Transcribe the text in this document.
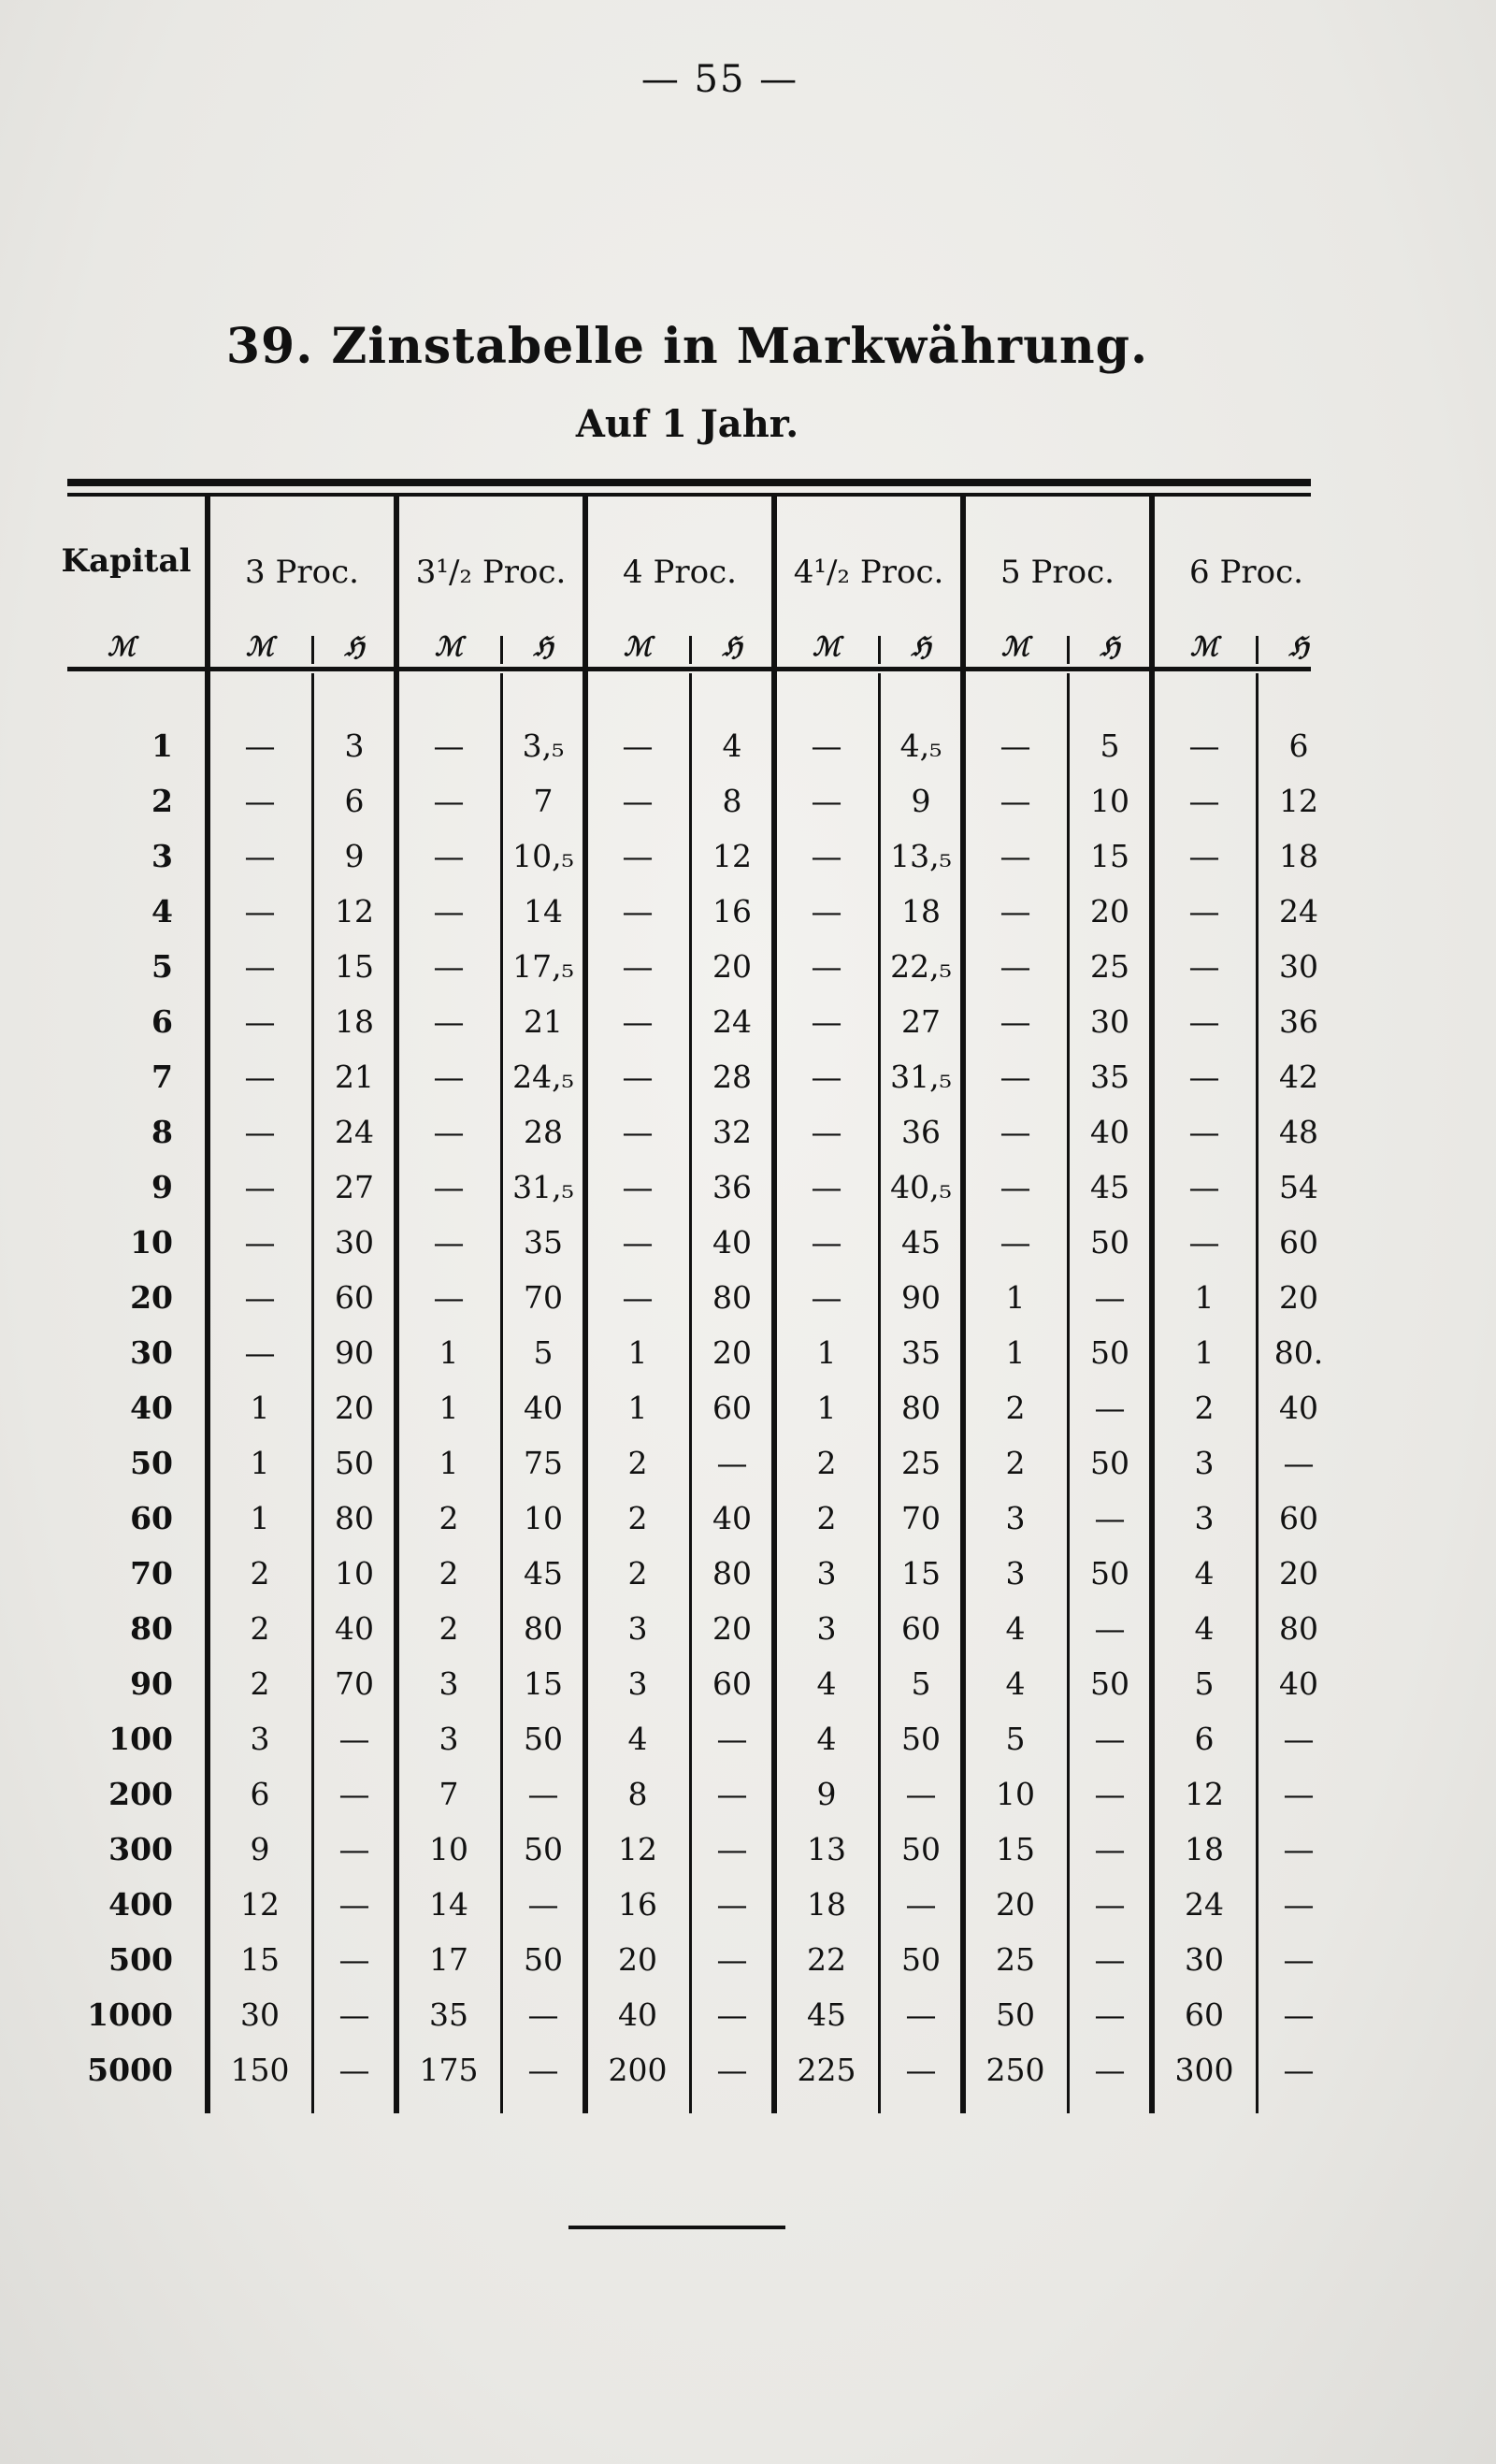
— 55 —
39. Zinstabelle in Markwährung.
Auf 1 Jahr.
Kapital
ℳ
3 Proc.
ℳ	ℌ
3¹/₂ Proc.
ℳ	ℌ
4 Proc.
ℳ	ℌ
4¹/₂ Proc.
ℳ	ℌ
5 Proc.
ℳ	ℌ
6 Proc.
ℳ	ℌ
1	—	3	—	3,₅	—	4	—	4,₅	—	5	—	6
2	—	6	—	7	—	8	—	9	—	10	—	12
3	—	9	—	10,₅	—	12	—	13,₅	—	15	—	18
4	—	12	—	14	—	16	—	18	—	20	—	24
5	—	15	—	17,₅	—	20	—	22,₅	—	25	—	30
6	—	18	—	21	—	24	—	27	—	30	—	36
7	—	21	—	24,₅	—	28	—	31,₅	—	35	—	42
8	—	24	—	28	—	32	—	36	—	40	—	48
9	—	27	—	31,₅	—	36	—	40,₅	—	45	—	54
10	—	30	—	35	—	40	—	45	—	50	—	60
20	—	60	—	70	—	80	—	90	1	—	1	20
30	—	90	1	5	1	20	1	35	1	50	1	80.
40	1	20	1	40	1	60	1	80	2	—	2	40
50	1	50	1	75	2	—	2	25	2	50	3	—
60	1	80	2	10	2	40	2	70	3	—	3	60
70	2	10	2	45	2	80	3	15	3	50	4	20
80	2	40	2	80	3	20	3	60	4	—	4	80
90	2	70	3	15	3	60	4	5	4	50	5	40
100	3	—	3	50	4	—	4	50	5	—	6	—
200	6	—	7	—	8	—	9	—	10	—	12	—
300	9	—	10	50	12	—	13	50	15	—	18	—
400	12	—	14	—	16	—	18	—	20	—	24	—
500	15	—	17	50	20	—	22	50	25	—	30	—
1000	30	—	35	—	40	—	45	—	50	—	60	—
5000	150	—	175	—	200	—	225	—	250	—	300	—
